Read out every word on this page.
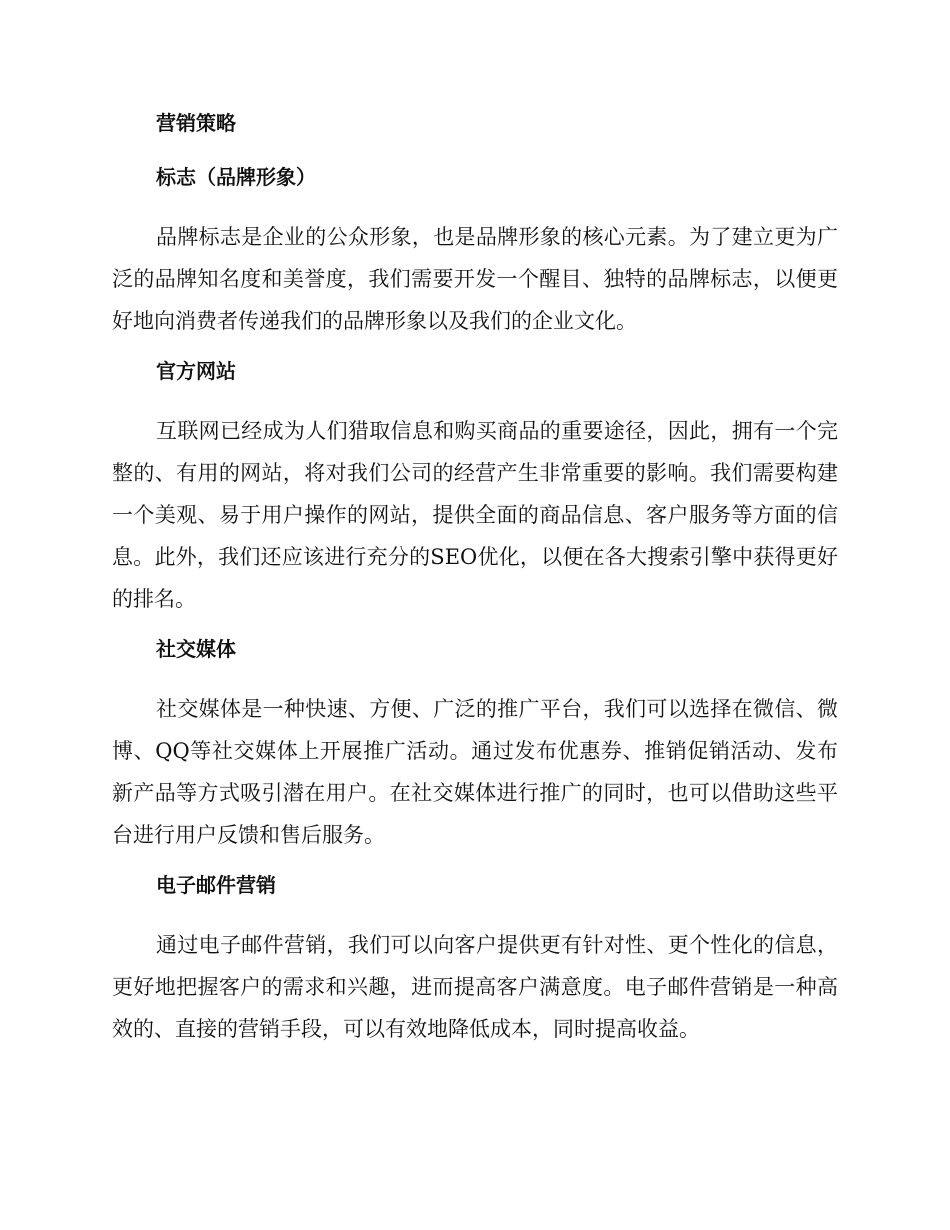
营销策略
标志（品牌形象）

品牌标志是企业的公众形象，也是品牌形象的核心元素。为了建立更为广泛的品牌知名度和美誉度，我们需要开发一个醒目、独特的品牌标志，以便更好地向消费者传递我们的品牌形象以及我们的企业文化。

官方网站

互联网已经成为人们猎取信息和购买商品的重要途径，因此，拥有一个完整的、有用的网站，将对我们公司的经营产生非常重要的影响。我们需要构建一个美观、易于用户操作的网站，提供全面的商品信息、客户服务等方面的信息。此外，我们还应该进行充分的SEO优化，以便在各大搜索引擎中获得更好的排名。

社交媒体

社交媒体是一种快速、方便、广泛的推广平台，我们可以选择在微信、微博、QQ等社交媒体上开展推广活动。通过发布优惠券、推销促销活动、发布新产品等方式吸引潜在用户。在社交媒体进行推广的同时，也可以借助这些平台进行用户反馈和售后服务。

电子邮件营销

通过电子邮件营销，我们可以向客户提供更有针对性、更个性化的信息，更好地把握客户的需求和兴趣，进而提高客户满意度。电子邮件营销是一种高效的、直接的营销手段，可以有效地降低成本，同时提高收益。
